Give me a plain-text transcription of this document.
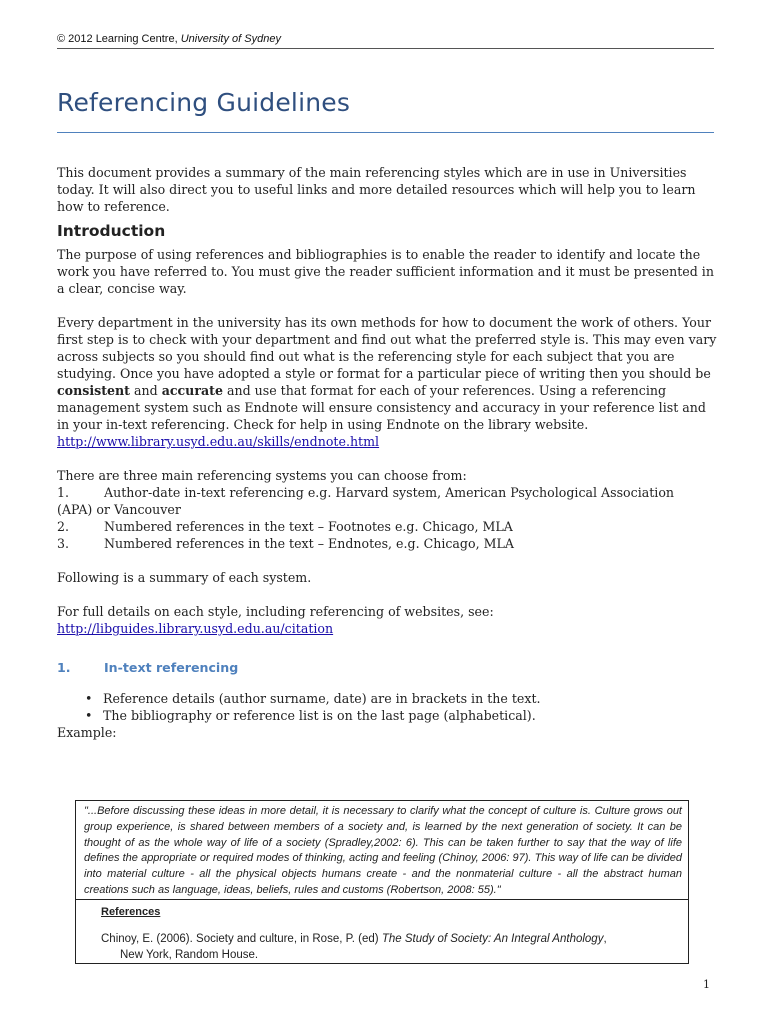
© 2012 Learning Centre, University of Sydney
Referencing Guidelines

This document provides a summary of the main referencing styles which are in use in Universities today. It will also direct you to useful links and more detailed resources which will help you to learn how to reference.

Introduction

The purpose of using references and bibliographies is to enable the reader to identify and locate the work you have referred to. You must give the reader sufficient information and it must be presented in a clear, concise way.

Every department in the university has its own methods for how to document the work of others. Your first step is to check with your department and find out what the preferred style is. This may even vary across subjects so you should find out what is the referencing style for each subject that you are studying. Once you have adopted a style or format for a particular piece of writing then you should be consistent and accurate and use that format for each of your references. Using a referencing management system such as Endnote will ensure consistency and accuracy in your reference list and in your in-text referencing. Check for help in using Endnote on the library website. http://www.library.usyd.edu.au/skills/endnote.html

There are three main referencing systems you can choose from:

1.	Author-date in-text referencing e.g. Harvard system, American Psychological Association

(APA) or Vancouver

2.	Numbered references in the text – Footnotes e.g. Chicago, MLA
3.	Numbered references in the text – Endnotes, e.g. Chicago, MLA

Following is a summary of each system.

For full details on each style, including referencing of websites, see:

http://libguides.library.usyd.edu.au/citation

1.	In-text referencing
• Reference details (author surname, date) are in brackets in the text.
• The bibliography or reference list is on the last page (alphabetical).

Example:

"...Before discussing these ideas in more detail, it is necessary to clarify what the concept of culture is. Culture grows out group experience, is shared between members of a society and, is learned by the next generation of society. It can be thought of as the whole way of life of a society (Spradley,2002: 6). This can be taken further to say that the way of life defines the appropriate or required modes of thinking, acting and feeling (Chinoy, 2006: 97). This way of life can be divided into material culture - all the physical objects humans create - and the nonmaterial culture - all the abstract human creations such as language, ideas, beliefs, rules and customs (Robertson, 2008: 55)."
References
Chinoy, E. (2006). Society and culture, in Rose, P. (ed) The Study of Society: An Integral Anthology,
New York, Random House.
1
